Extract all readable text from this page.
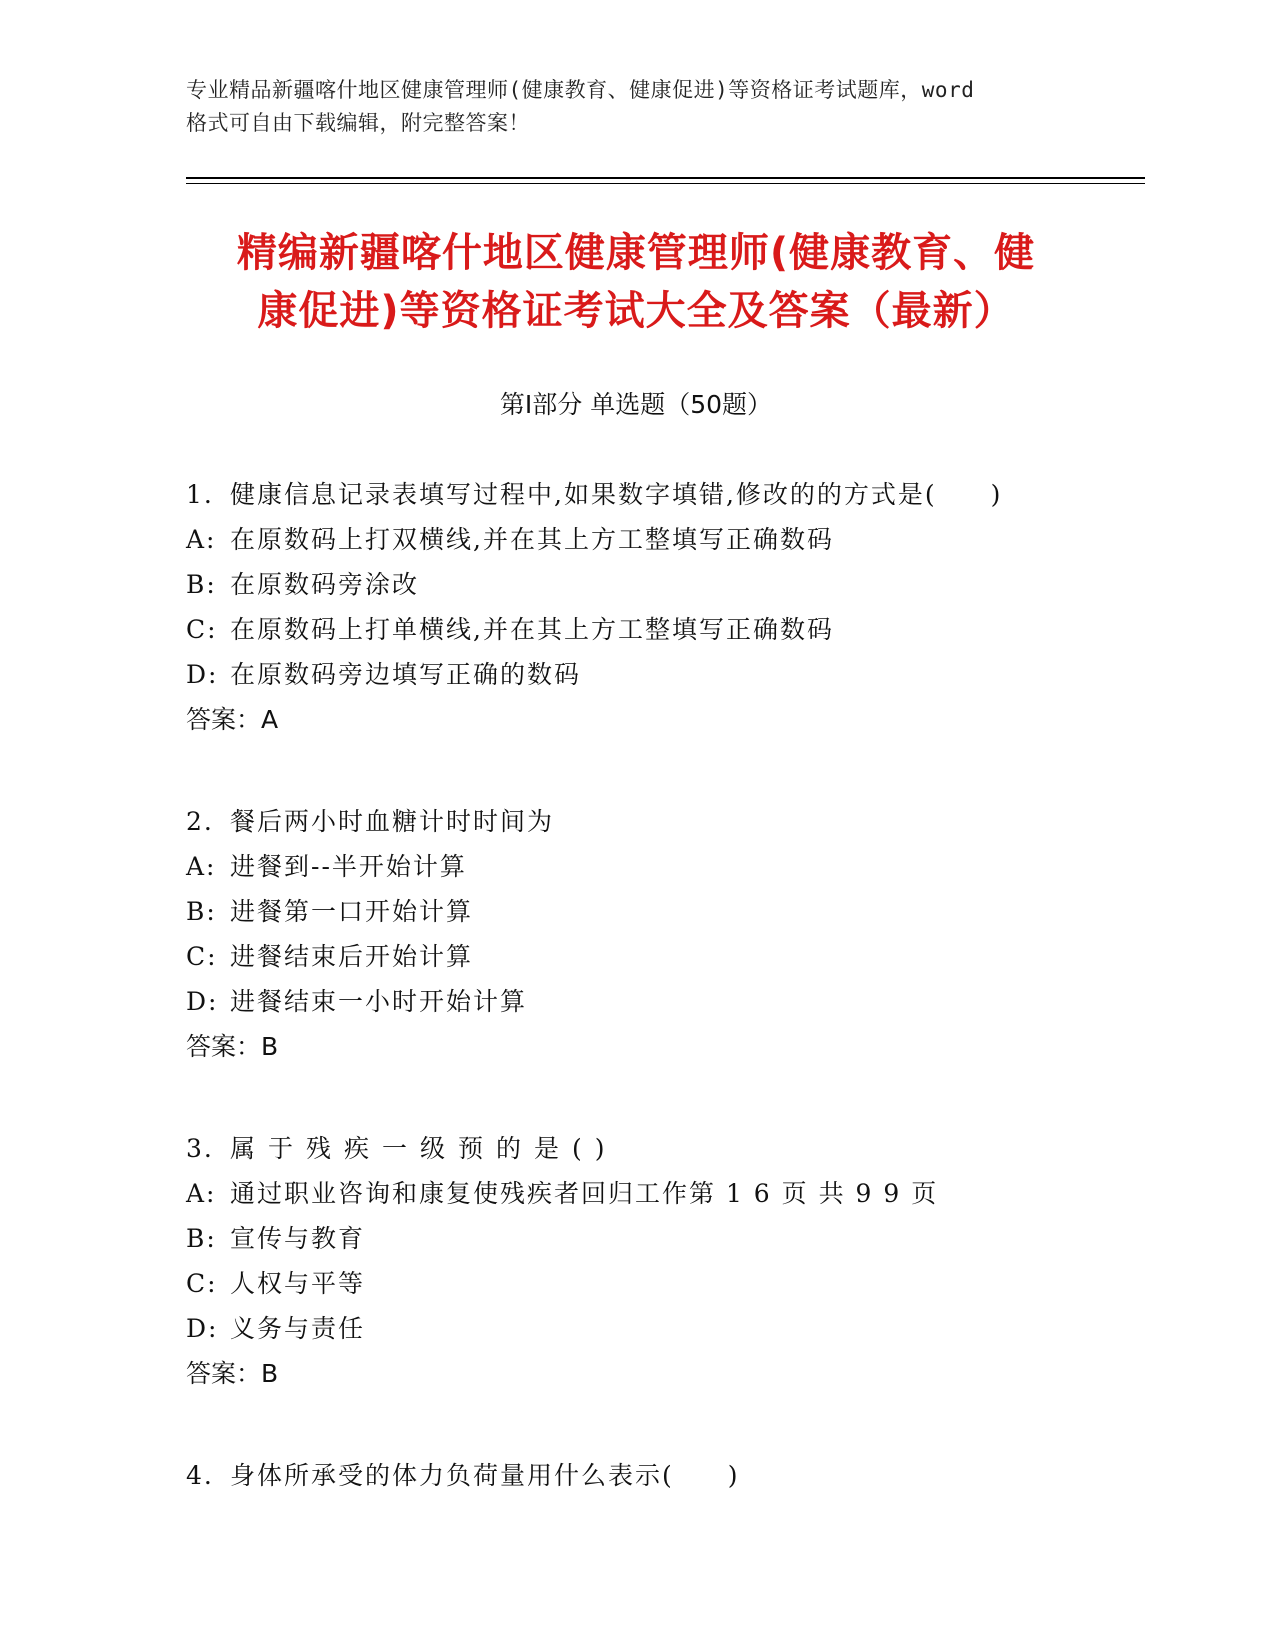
专业精品新疆喀什地区健康管理师(健康教育、健康促进)等资格证考试题库，word
格式可自由下载编辑，附完整答案！
精编新疆喀什地区健康管理师(健康教育、健
康促进)等资格证考试大全及答案（最新）
第Ⅰ部分 单选题（50题）
1. 健康信息记录表填写过程中,如果数字填错,修改的的方式是(　　)
A: 在原数码上打双横线,并在其上方工整填写正确数码
B: 在原数码旁涂改
C: 在原数码上打单横线,并在其上方工整填写正确数码
D: 在原数码旁边填写正确的数码
答案：A
2. 餐后两小时血糖计时时间为
A: 进餐到--半开始计算
B: 进餐第一口开始计算
C: 进餐结束后开始计算
D: 进餐结束一小时开始计算
答案：B
3. 属于残疾一级预的是()
A: 通过职业咨询和康复使残疾者回归工作第 1 6 页 共 9 9 页
B: 宣传与教育
C: 人权与平等
D: 义务与责任
答案：B
4. 身体所承受的体力负荷量用什么表示(　　)
